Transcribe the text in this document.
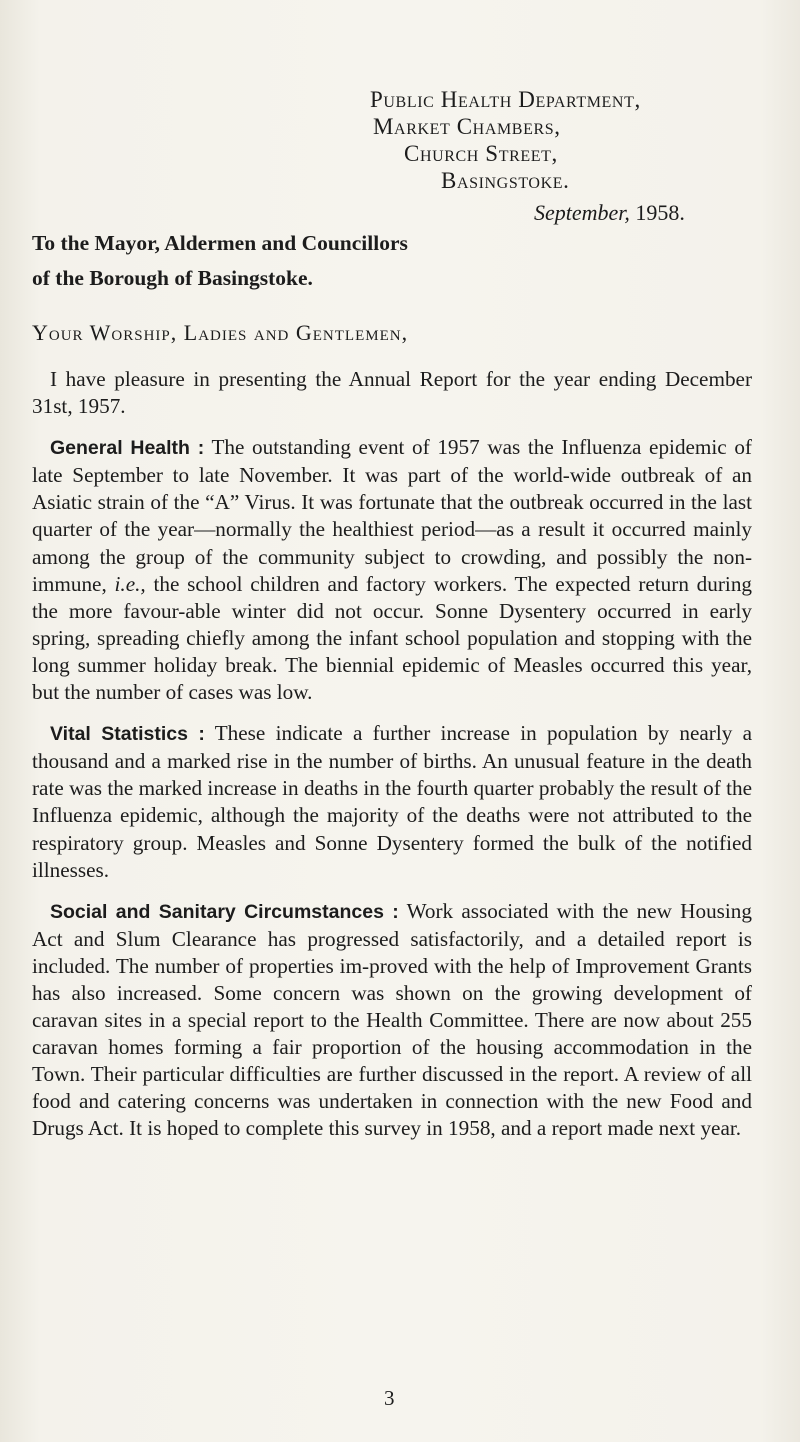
Public Health Department,
Market Chambers,
Church Street,
Basingstoke.
September, 1958.
To the Mayor, Aldermen and Councillors
of the Borough of Basingstoke.
Your Worship, Ladies and Gentlemen,

I have pleasure in presenting the Annual Report for the year ending December 31st, 1957.

General Health : The outstanding event of 1957 was the Influenza epidemic of late September to late November. It was part of the world-wide outbreak of an Asiatic strain of the “A” Virus. It was fortunate that the outbreak occurred in the last quarter of the year—normally the healthiest period—as a result it occurred mainly among the group of the community subject to crowding, and possibly the non-immune, i.e., the school children and factory workers. The expected return during the more favour-able winter did not occur. Sonne Dysentery occurred in early spring, spreading chiefly among the infant school population and stopping with the long summer holiday break. The biennial epidemic of Measles occurred this year, but the number of cases was low.

Vital Statistics : These indicate a further increase in population by nearly a thousand and a marked rise in the number of births. An unusual feature in the death rate was the marked increase in deaths in the fourth quarter probably the result of the Influenza epidemic, although the majority of the deaths were not attributed to the respiratory group. Measles and Sonne Dysentery formed the bulk of the notified illnesses.

Social and Sanitary Circumstances : Work associated with the new Housing Act and Slum Clearance has progressed satisfactorily, and a detailed report is included. The number of properties im-proved with the help of Improvement Grants has also increased. Some concern was shown on the growing development of caravan sites in a special report to the Health Committee. There are now about 255 caravan homes forming a fair proportion of the housing accommodation in the Town. Their particular difficulties are further discussed in the report. A review of all food and catering concerns was undertaken in connection with the new Food and Drugs Act. It is hoped to complete this survey in 1958, and a report made next year.

3
